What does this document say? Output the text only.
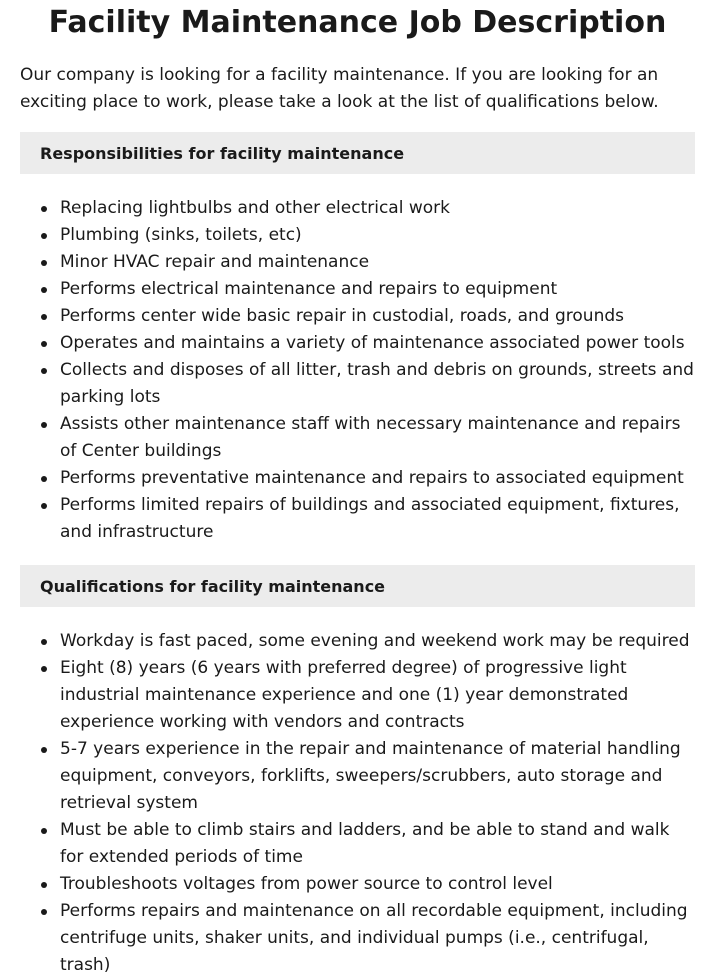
Facility Maintenance Job Description

Our company is looking for a facility maintenance. If you are looking for an exciting place to work, please take a look at the list of qualifications below.

Responsibilities for facility maintenance
Replacing lightbulbs and other electrical work
Plumbing (sinks, toilets, etc)
Minor HVAC repair and maintenance
Performs electrical maintenance and repairs to equipment
Performs center wide basic repair in custodial, roads, and grounds
Operates and maintains a variety of maintenance associated power tools
Collects and disposes of all litter, trash and debris on grounds, streets and parking lots
Assists other maintenance staff with necessary maintenance and repairs of Center buildings
Performs preventative maintenance and repairs to associated equipment
Performs limited repairs of buildings and associated equipment, fixtures, and infrastructure
Qualifications for facility maintenance
Workday is fast paced, some evening and weekend work may be required
Eight (8) years (6 years with preferred degree) of progressive light industrial maintenance experience and one (1) year demonstrated experience working with vendors and contracts
5-7 years experience in the repair and maintenance of material handling equipment, conveyors, forklifts, sweepers/scrubbers, auto storage and retrieval system
Must be able to climb stairs and ladders, and be able to stand and walk for extended periods of time
Troubleshoots voltages from power source to control level
Performs repairs and maintenance on all recordable equipment, including centrifuge units, shaker units, and individual pumps (i.e., centrifugal, trash)
